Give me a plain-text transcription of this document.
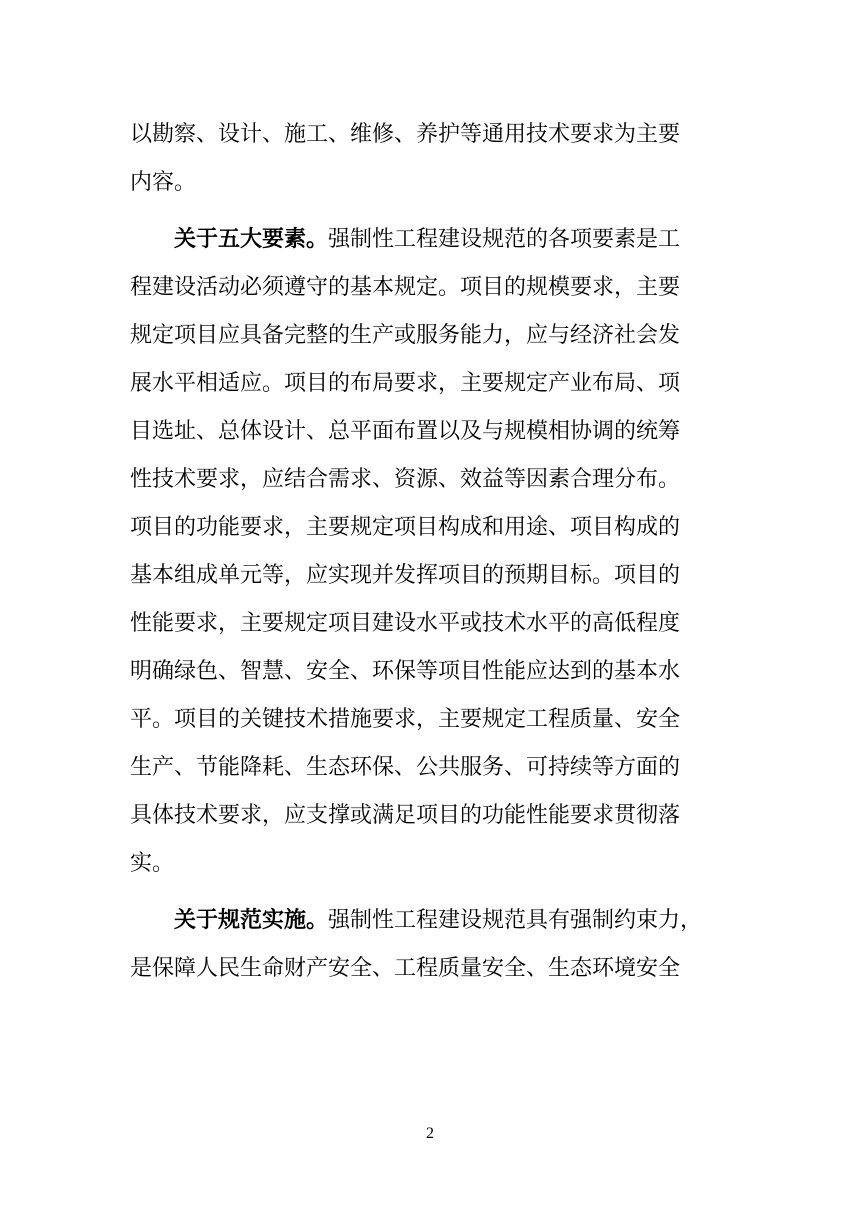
以勘察、设计、施工、维修、养护等通用技术要求为主要
内容。
关于五大要素。强制性工程建设规范的各项要素是工
程建设活动必须遵守的基本规定。项目的规模要求，主要
规定项目应具备完整的生产或服务能力，应与经济社会发
展水平相适应。项目的布局要求，主要规定产业布局、项
目选址、总体设计、总平面布置以及与规模相协调的统筹
性技术要求，应结合需求、资源、效益等因素合理分布。
项目的功能要求，主要规定项目构成和用途、项目构成的
基本组成单元等，应实现并发挥项目的预期目标。项目的
性能要求，主要规定项目建设水平或技术水平的高低程度
明确绿色、智慧、安全、环保等项目性能应达到的基本水
平。项目的关键技术措施要求，主要规定工程质量、安全
生产、节能降耗、生态环保、公共服务、可持续等方面的
具体技术要求，应支撑或满足项目的功能性能要求贯彻落
实。
关于规范实施。强制性工程建设规范具有强制约束力，
是保障人民生命财产安全、工程质量安全、生态环境安全
2
